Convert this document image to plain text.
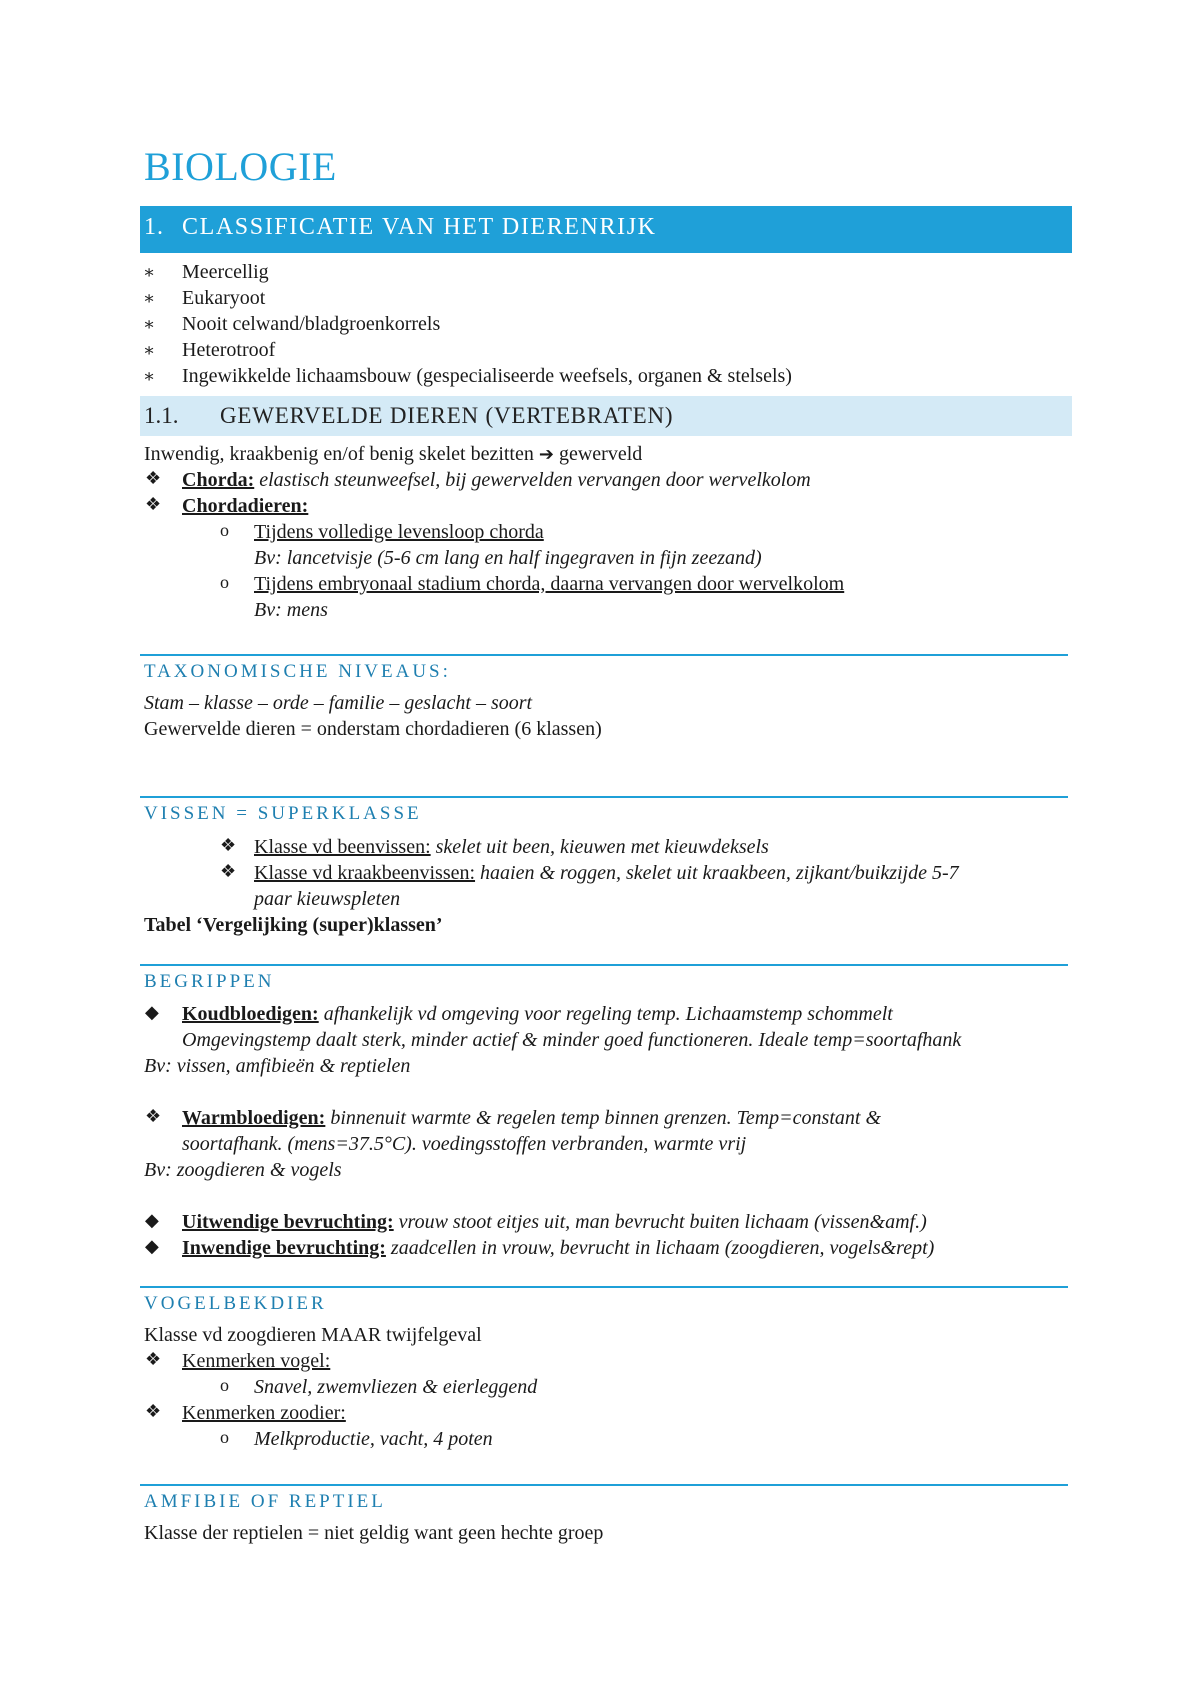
BIOLOGIE
1. CLASSIFICATIE VAN HET DIERENRIJK
∗ Meercellig
∗ Eukaryoot
∗ Nooit celwand/bladgroenkorrels
∗ Heterotroof
∗ Ingewikkelde lichaamsbouw (gespecialiseerde weefsels, organen & stelsels)
1.1. GEWERVELDE DIEREN (VERTEBRATEN)
Inwendig, kraakbenig en/of benig skelet bezitten ➔ gewerveld
❖ Chorda: elastisch steunweefsel, bij gewervelden vervangen door wervelkolom
❖ Chordadieren:
o Tijdens volledige levensloop chorda
Bv: lancetvisje (5-6 cm lang en half ingegraven in fijn zeezand)
o Tijdens embryonaal stadium chorda, daarna vervangen door wervelkolom
Bv: mens
TAXONOMISCHE NIVEAUS:
Stam – klasse – orde – familie – geslacht – soort
Gewervelde dieren = onderstam chordadieren (6 klassen)
VISSEN = SUPERKLASSE
❖ Klasse vd beenvissen: skelet uit been, kieuwen met kieuwdeksels
❖ Klasse vd kraakbeenvissen: haaien & roggen, skelet uit kraakbeen, zijkant/buikzijde 5-7
paar kieuwspleten
Tabel ‘Vergelijking (super)klassen’
BEGRIPPEN
◆ Koudbloedigen: afhankelijk vd omgeving voor regeling temp. Lichaamstemp schommelt
Omgevingstemp daalt sterk, minder actief & minder goed functioneren. Ideale temp=soortafhank
Bv: vissen, amfibieën & reptielen
❖ Warmbloedigen: binnenuit warmte & regelen temp binnen grenzen. Temp=constant &
soortafhank. (mens=37.5°C). voedingsstoffen verbranden, warmte vrij
Bv: zoogdieren & vogels
◆ Uitwendige bevruchting: vrouw stoot eitjes uit, man bevrucht buiten lichaam (vissen&amf.)
◆ Inwendige bevruchting: zaadcellen in vrouw, bevrucht in lichaam (zoogdieren, vogels&rept)
VOGELBEKDIER
Klasse vd zoogdieren MAAR twijfelgeval
❖ Kenmerken vogel:
o Snavel, zwemvliezen & eierleggend
❖ Kenmerken zoodier:
o Melkproductie, vacht, 4 poten
AMFIBIE OF REPTIEL
Klasse der reptielen = niet geldig want geen hechte groep
